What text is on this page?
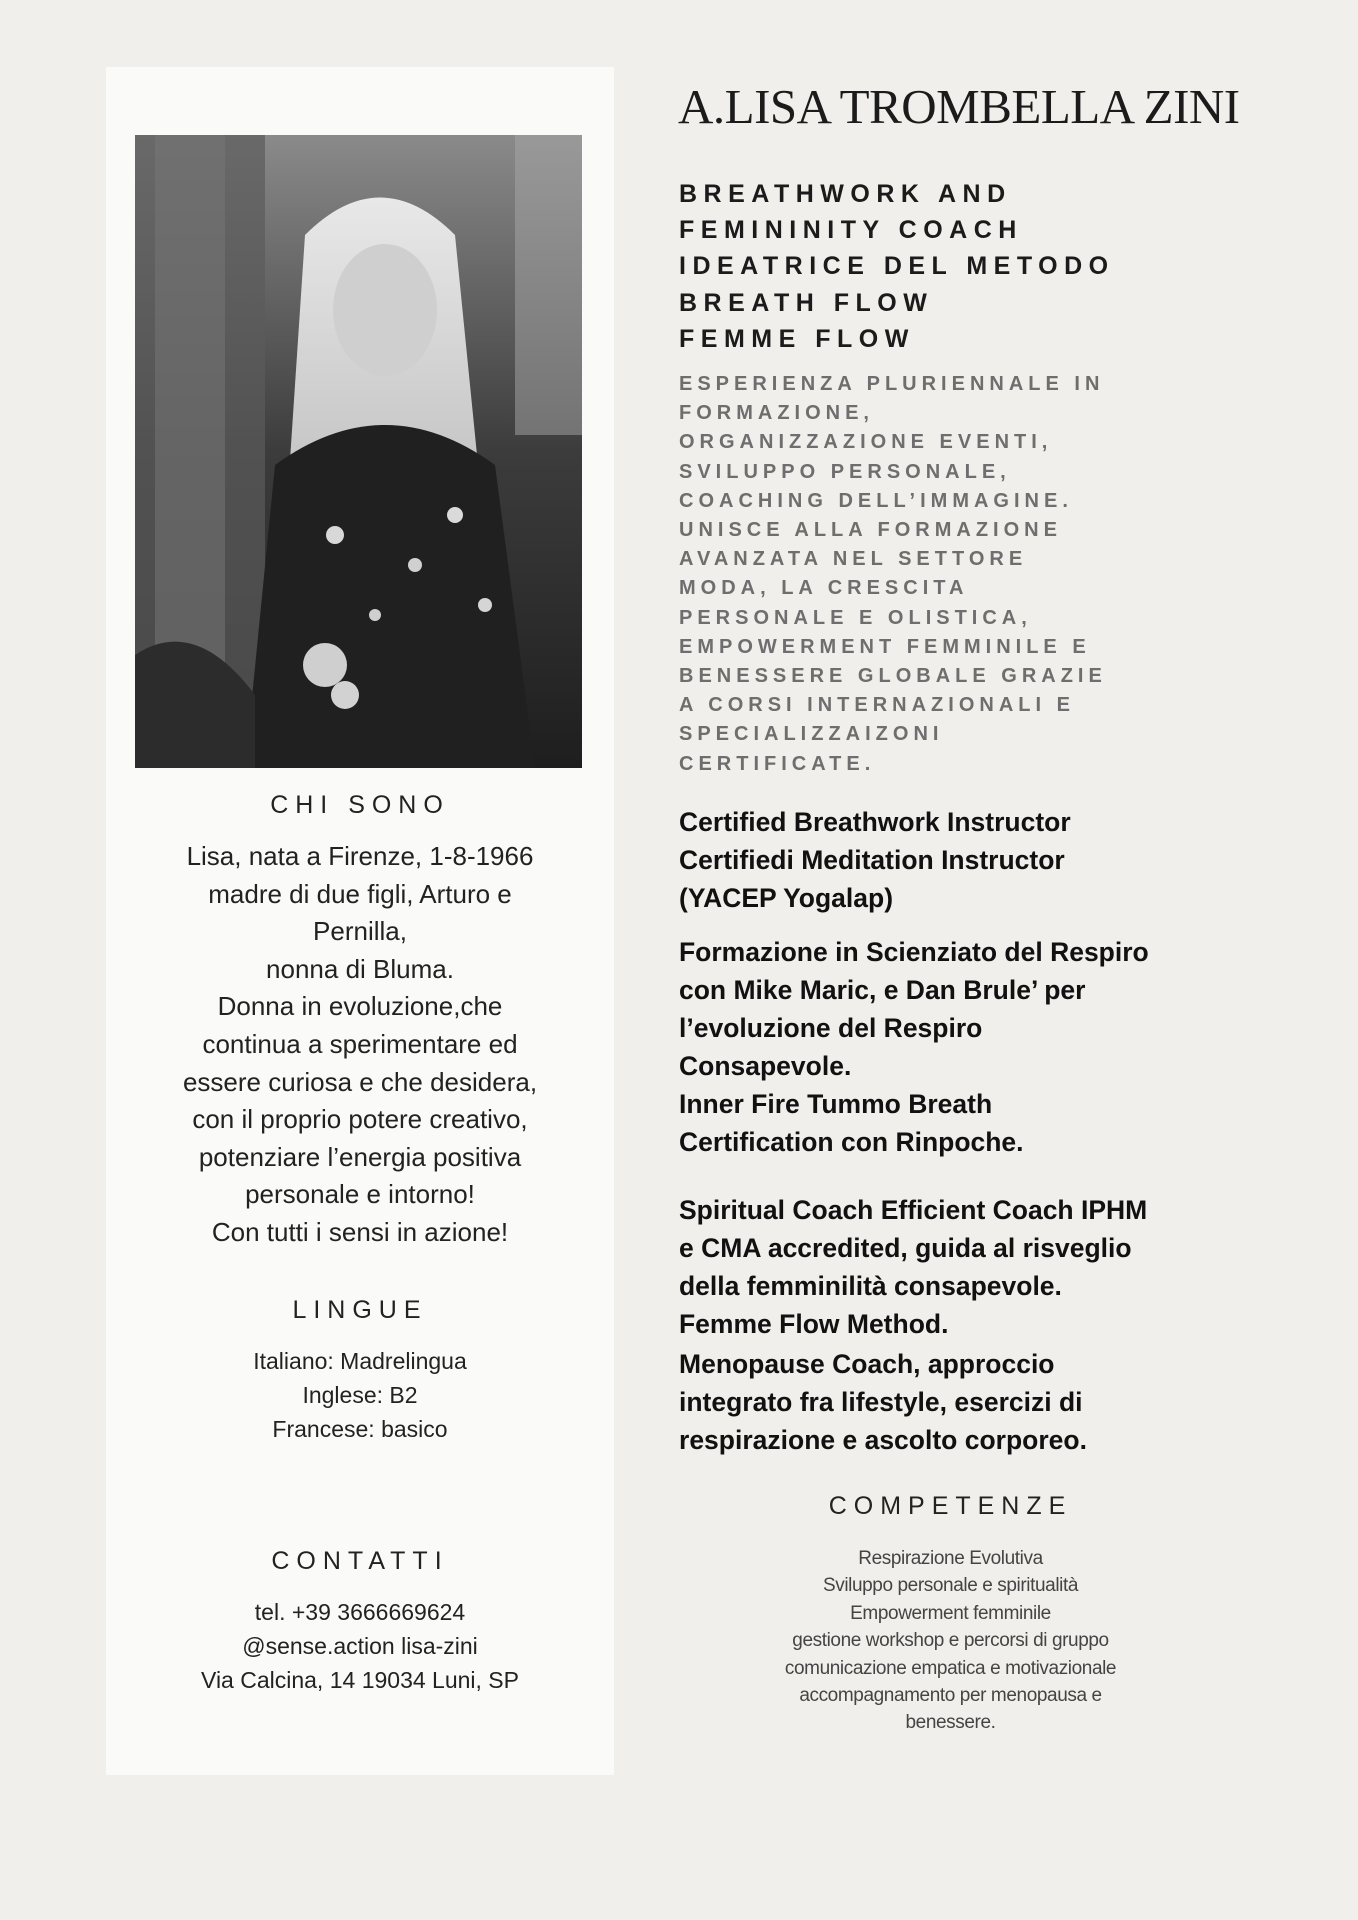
CHI SONO
Lisa, nata a Firenze, 1-8-1966
madre di due figli, Arturo e
Pernilla,
nonna di Bluma.
Donna in evoluzione,che
continua a sperimentare ed
essere curiosa e che desidera,
con il proprio potere creativo,
potenziare l’energia positiva
personale e intorno!
Con tutti i sensi in azione!
LINGUE
Italiano: Madrelingua
Inglese: B2
Francese: basico
CONTATTI
tel. +39 3666669624
@sense.action lisa-zini
Via Calcina, 14 19034 Luni, SP
A.LISA TROMBELLA ZINI
BREATHWORK AND
FEMININITY COACH
IDEATRICE DEL METODO
BREATH FLOW
FEMME FLOW
ESPERIENZA PLURIENNALE IN
FORMAZIONE,
ORGANIZZAZIONE EVENTI,
SVILUPPO PERSONALE,
COACHING DELL’IMMAGINE.
UNISCE ALLA FORMAZIONE
AVANZATA NEL SETTORE
MODA, LA CRESCITA
PERSONALE E OLISTICA,
EMPOWERMENT FEMMINILE E
BENESSERE GLOBALE GRAZIE
A CORSI INTERNAZIONALI E
SPECIALIZZAIZONI
CERTIFICATE.
Certified Breathwork Instructor
Certifiedi Meditation Instructor
(YACEP Yogalap)
Formazione in Scienziato del Respiro
con Mike Maric, e Dan Brule’ per
l’evoluzione del Respiro
Consapevole.
Inner Fire Tummo Breath
Certification con Rinpoche.
Spiritual Coach Efficient Coach IPHM
e CMA accredited, guida al risveglio
della femminilità consapevole.
Femme Flow Method.
Menopause Coach, approccio
integrato fra lifestyle, esercizi di
respirazione e ascolto corporeo.
COMPETENZE
Respirazione Evolutiva
Sviluppo personale e spiritualità
Empowerment femminile
gestione workshop e percorsi di gruppo
comunicazione empatica e motivazionale
accompagnamento per menopausa e
benessere.
